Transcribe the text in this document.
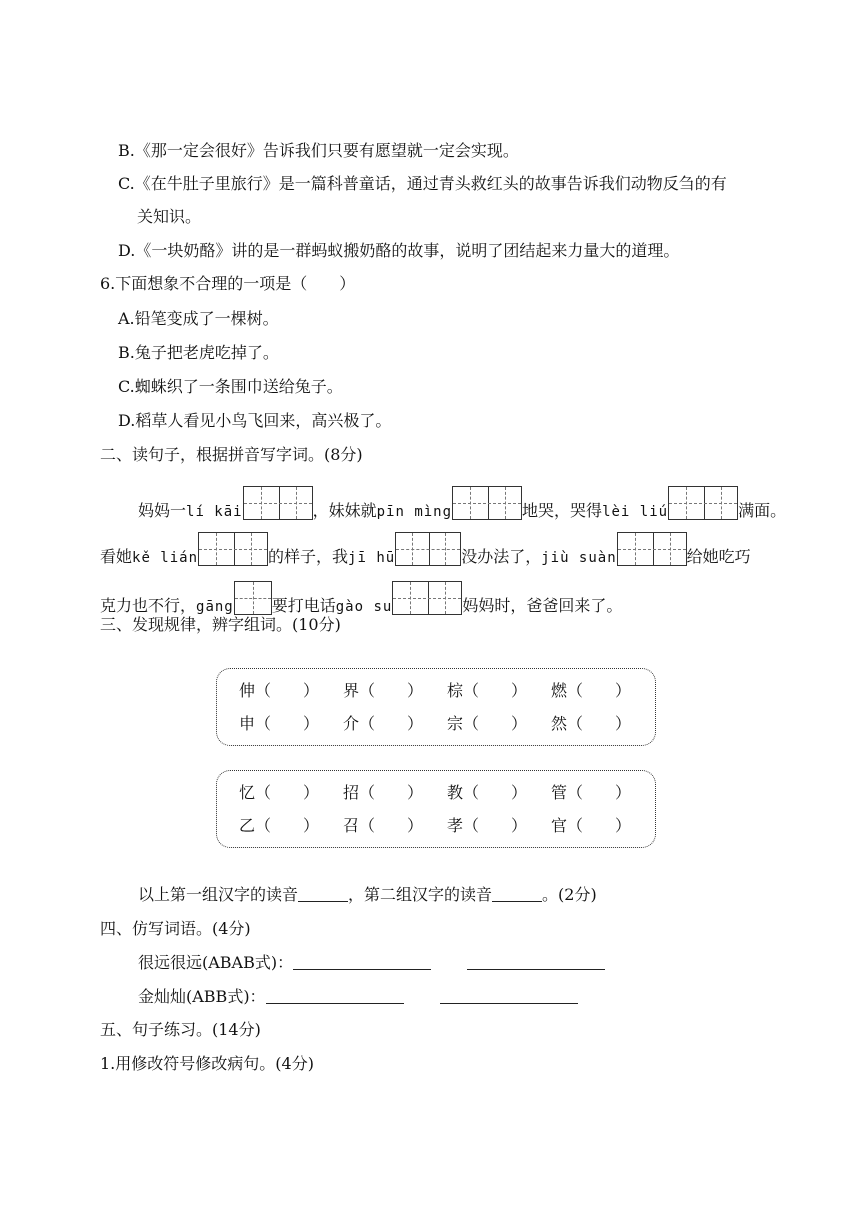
B.《那一定会很好》告诉我们只要有愿望就一定会实现。
C.《在牛肚子里旅行》是一篇科普童话，通过青头救红头的故事告诉我们动物反刍的有
关知识。
D.《一块奶酪》讲的是一群蚂蚁搬奶酪的故事，说明了团结起来力量大的道理。
6.下面想象不合理的一项是（　　）
A.铅笔变成了一棵树。
B.兔子把老虎吃掉了。
C.蜘蛛织了一条围巾送给兔子。
D.稻草人看见小鸟飞回来，高兴极了。
二、读句子，根据拼音写字词。(8分)
妈妈一lí kāi	，妹妹就pīn mìng	地哭，哭得lèi liú	满面。
看她kě lián	的样子，我jī hū	没办法了，jiù suàn	给她吃巧
克力也不行，gāng 要打电话gào su	妈妈时，爸爸回来了。
三、发现规律，辨字组词。(10分)
伸（　　） 界（　　） 棕（　　） 燃（　　）
申（　　） 介（　　） 宗（　　） 然（　　）
忆（　　） 招（　　） 教（　　） 管（　　）
乙（　　） 召（　　） 孝（　　） 官（　　）
以上第一组汉字的读音	，第二组汉字的读音	。(2分)
四、仿写词语。(4分)
很远很远(ABAB式)：
金灿灿(ABB式)：
五、句子练习。(14分)
1.用修改符号修改病句。(4分)
